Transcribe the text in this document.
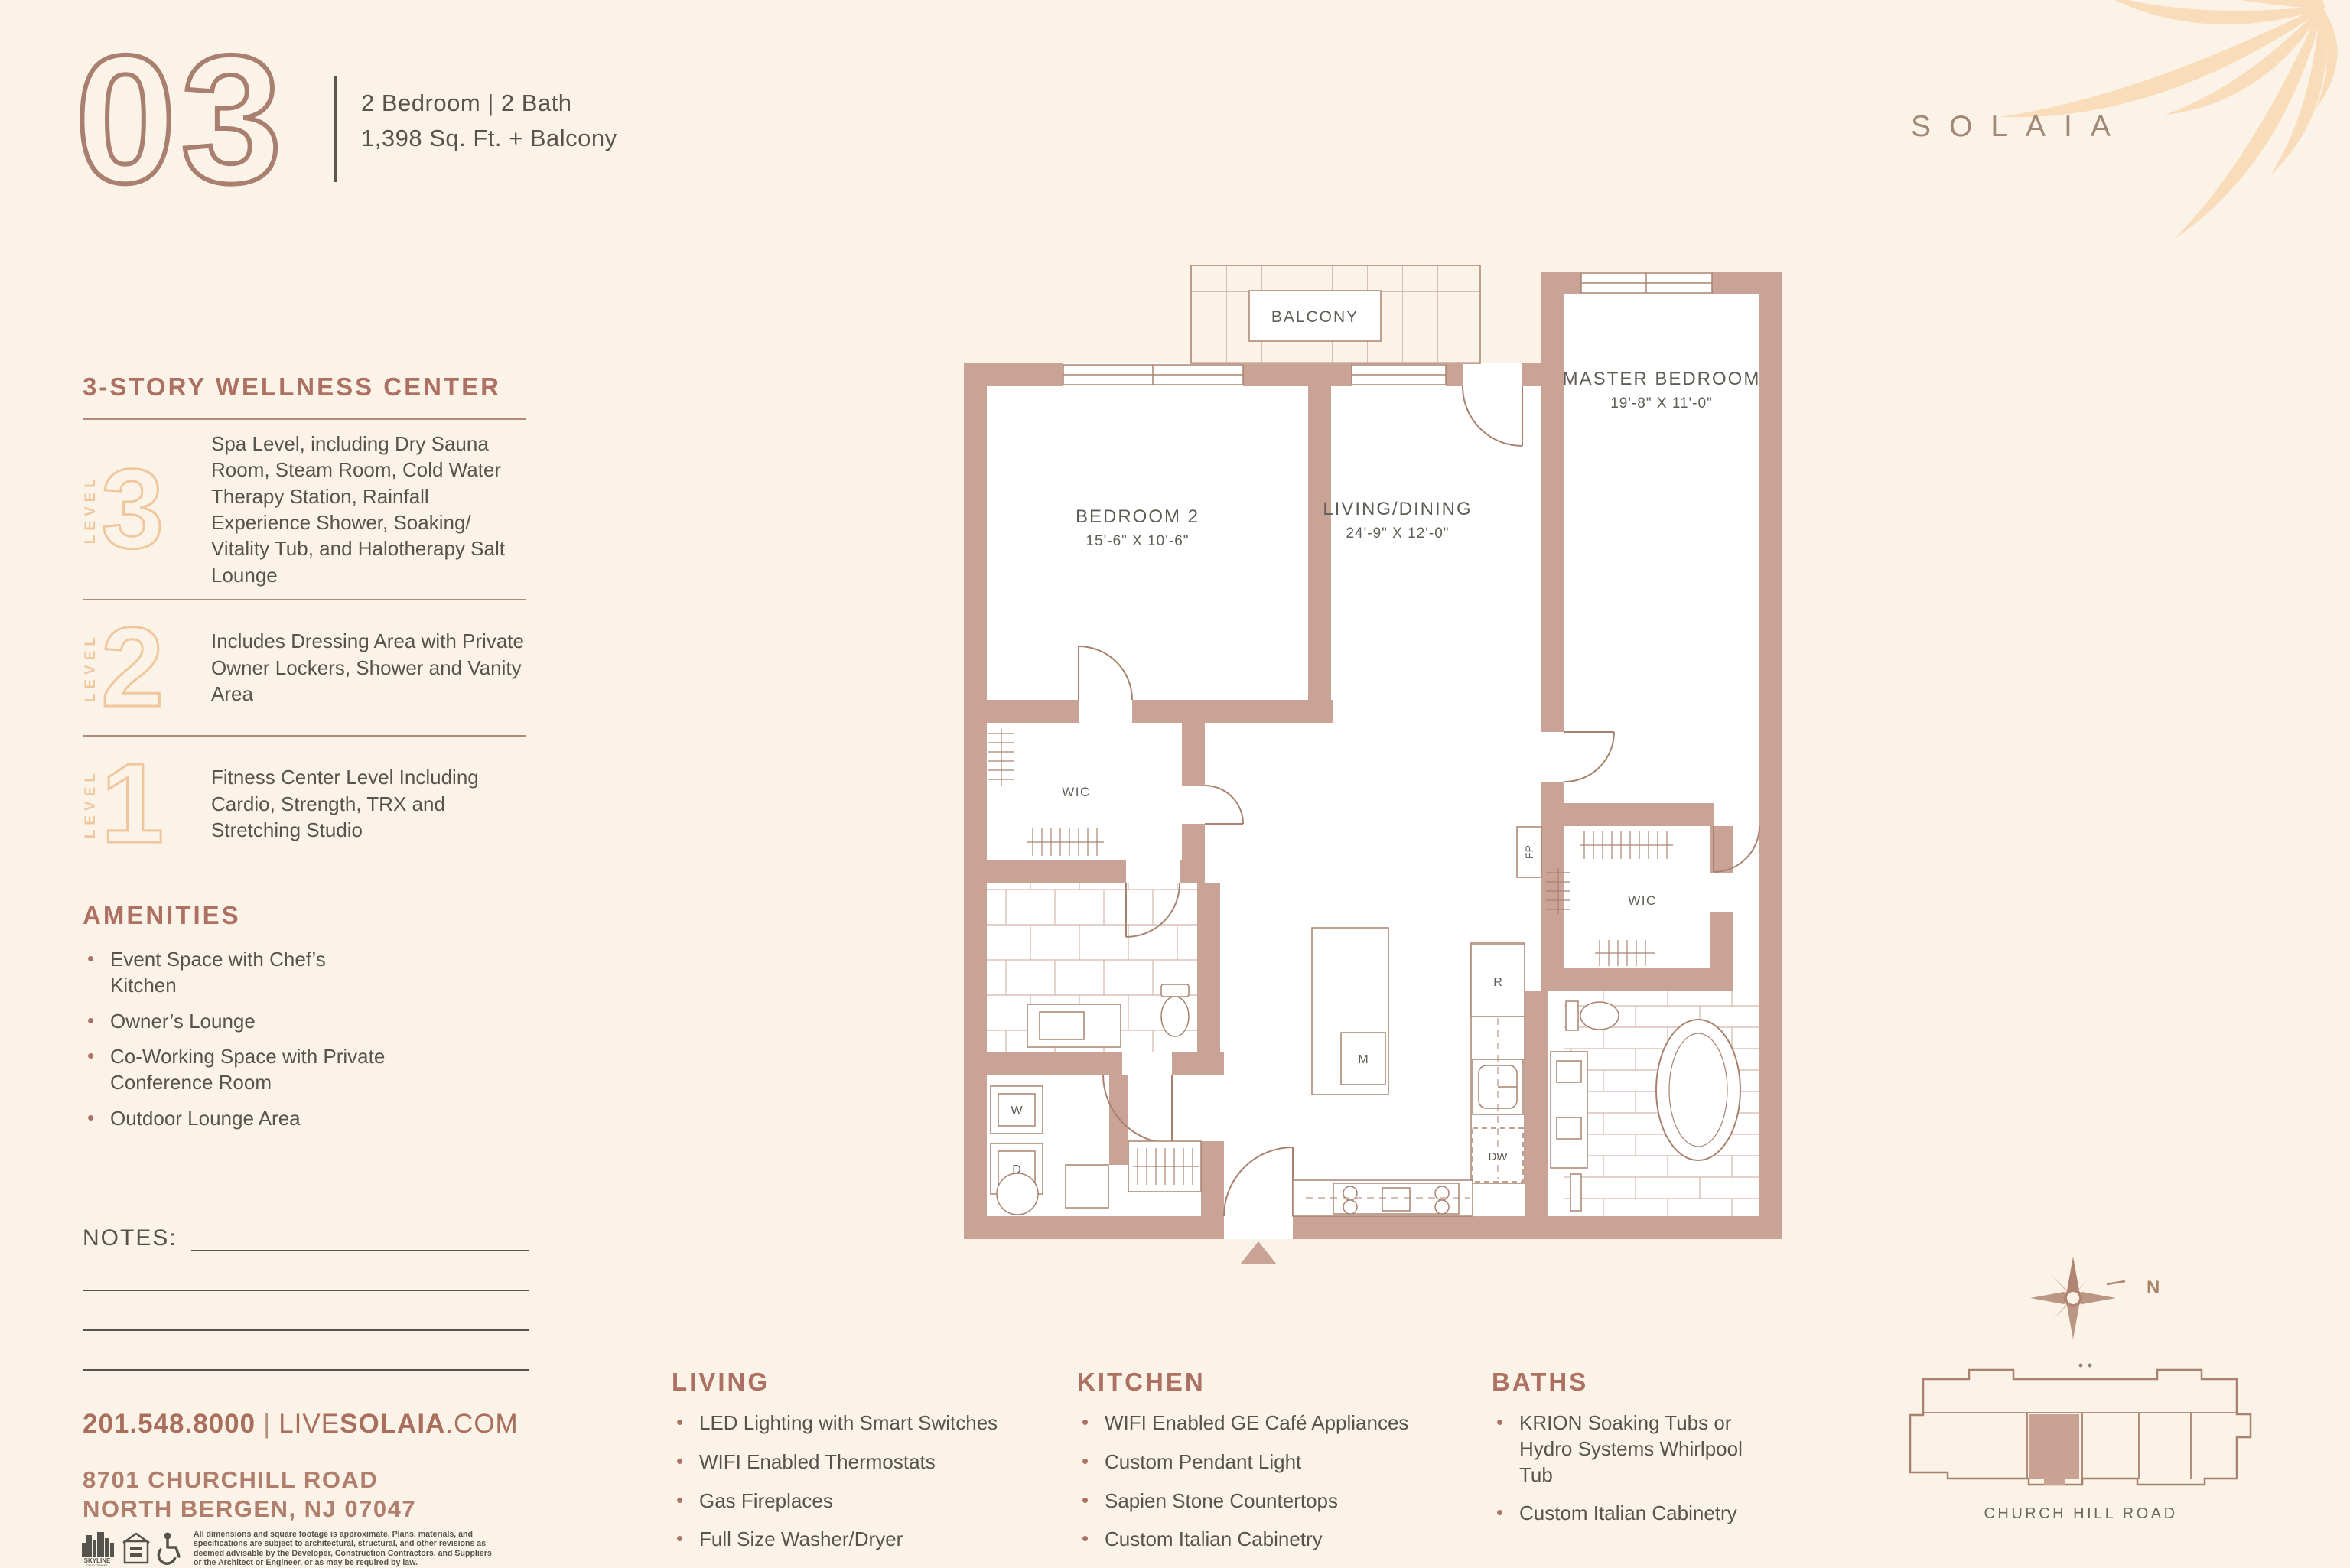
03	2 Bedroom | 2 Bath
1,398 Sq. Ft. + Balcony	SOLAIA
3-STORY WELLNESS CENTER
LEVEL 3
Spa Level, including Dry Sauna Room, Steam Room, Cold Water Therapy Station, Rainfall Experience Shower, Soaking/ Vitality Tub, and Halotherapy Salt Lounge
LEVEL 2 Includes Dressing Area with Private Owner Lockers, Shower and Vanity Area
LEVEL 1 Fitness Center Level Including Cardio, Strength, TRX and Stretching Studio
AMENITIES
• Event Space with Chef’s Kitchen
• Owner’s Lounge
• Co-Working Space with Private Conference Room
• Outdoor Lounge Area
NOTES:
201.548.8000 | LIVESOLAIA.COM
8701 CHURCHILL ROAD
NORTH BERGEN, NJ 07047
SKYLINE
DEVELOPMENT
All dimensions and square footage is approximate. Plans, materials, and specifications are subject to architectural, structural, and other revisions as deemed advisable by the Developer, Construction Contractors, and Suppliers or the Architect or Engineer, or as may be required by law.
LIVING
• LED Lighting with Smart Switches
• WIFI Enabled Thermostats
• Gas Fireplaces
• Full Size Washer/Dryer
KITCHEN
• WIFI Enabled GE Café Appliances
• Custom Pendant Light
• Sapien Stone Countertops
• Custom Italian Cabinetry
BATHS
• KRION Soaking Tubs or Hydro Systems Whirlpool Tub
• Custom Italian Cabinetry
BALCONY
MASTER BEDROOM
19'-8" X 11'-0"
BEDROOM 2
15'-6" X 10'-6"
LIVING/DINING
24'-9" X 12'-0"
WIC
WIC
FP
W
D
R
M
DW
N
CHURCH HILL ROAD
